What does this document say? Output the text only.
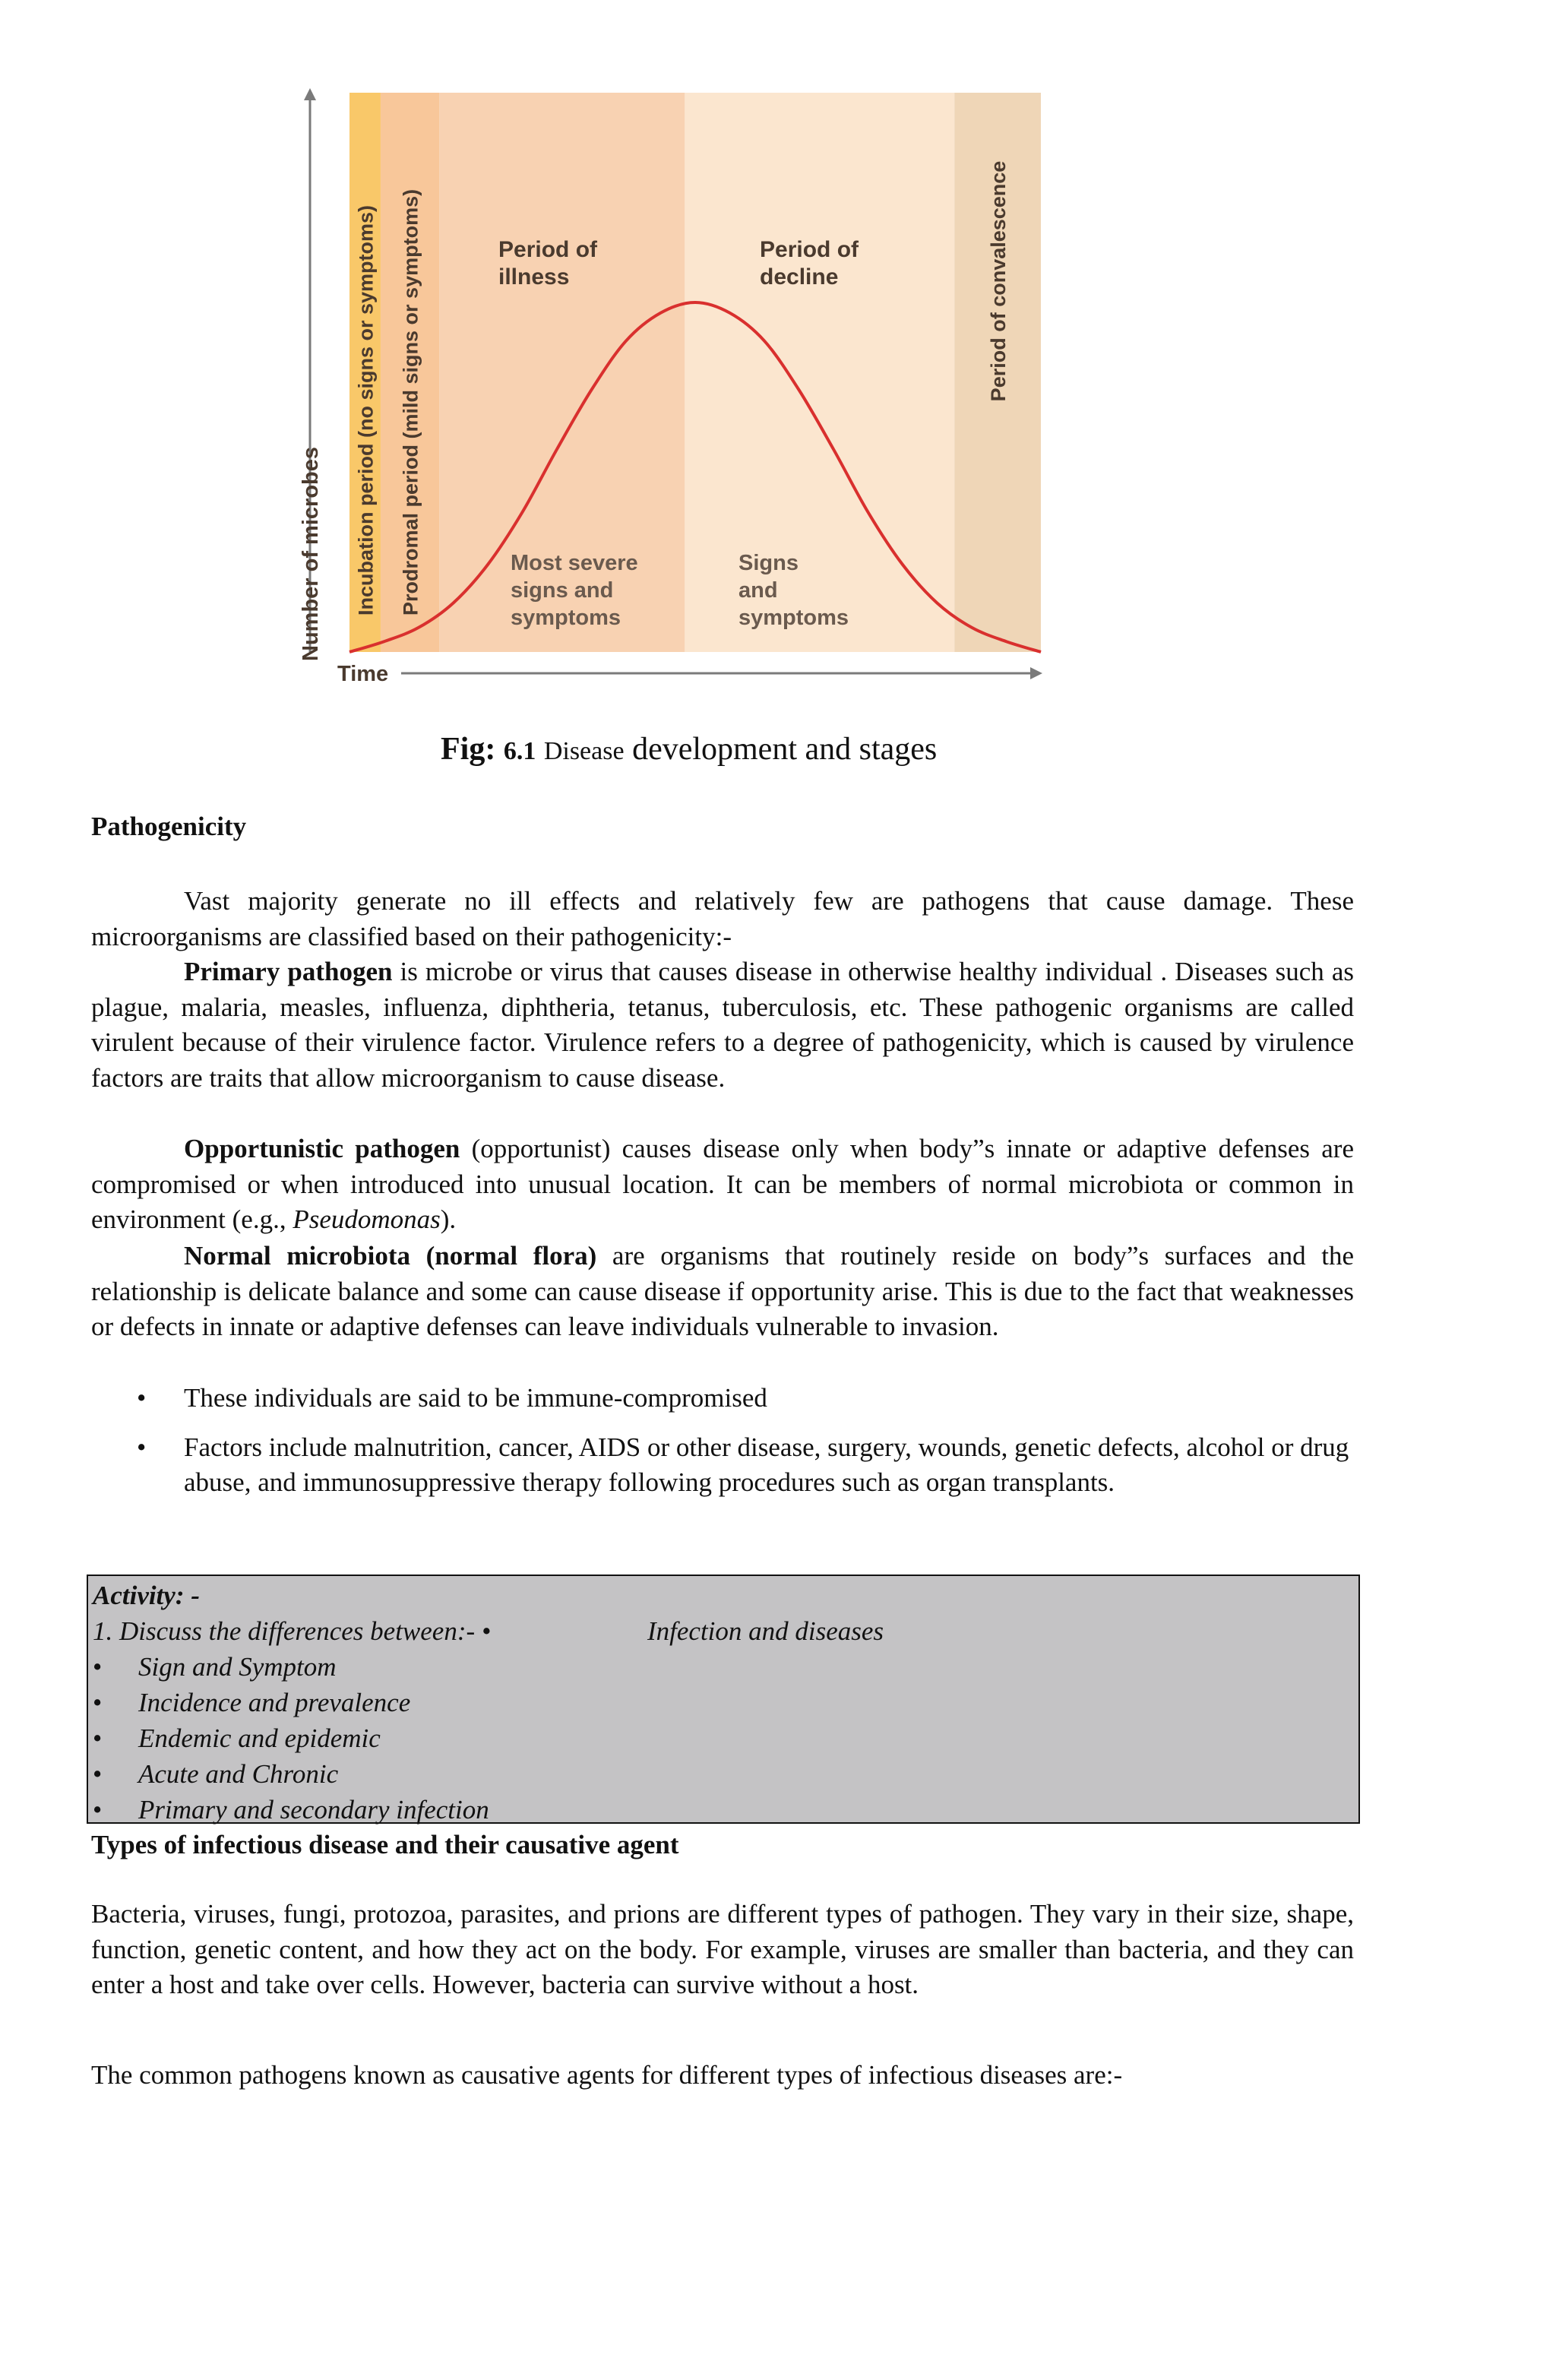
Incubation period (no signs or symptoms) Prodromal period (mild signs or symptoms)	Period of illness
Period of decline	Period of convalescence
Most severe signs and symptoms
Signs and symptoms
Number of microbes
Time
Fig: 6.1 Disease development and stages
Pathogenicity
Vast majority generate no ill effects and relatively few are pathogens that cause damage. These microorganisms are classified based on their pathogenicity:-
Primary pathogen is microbe or virus that causes disease in otherwise healthy individual . Diseases such as plague, malaria, measles, influenza, diphtheria, tetanus, tuberculosis, etc. These pathogenic organisms are called virulent because of their virulence factor. Virulence refers to a degree of pathogenicity, which is caused by virulence factors are traits that allow microorganism to cause disease.
Opportunistic pathogen (opportunist) causes disease only when body”s innate or adaptive defenses are compromised or when introduced into unusual location. It can be members of normal microbiota or common in environment (e.g., Pseudomonas).
Normal microbiota (normal flora) are organisms that routinely reside on body”s surfaces and the relationship is delicate balance and some can cause disease if opportunity arise. This is due to the fact that weaknesses or defects in innate or adaptive defenses can leave individuals vulnerable to invasion.
• These individuals are said to be immune-compromised
• Factors include malnutrition, cancer, AIDS or other disease, surgery, wounds, genetic defects, alcohol or drug abuse, and immunosuppressive therapy following procedures such as organ transplants.
Activity: -
1. Discuss the differences between:- •	Infection and diseases
• Sign and Symptom
• Incidence and prevalence
• Endemic and epidemic
• Acute and Chronic
• Primary and secondary infection
Types of infectious disease and their causative agent
Bacteria, viruses, fungi, protozoa, parasites, and prions are different types of pathogen. They vary in their size, shape, function, genetic content, and how they act on the body. For example, viruses are smaller than bacteria, and they can enter a host and take over cells. However, bacteria can survive without a host.
The common pathogens known as causative agents for different types of infectious diseases are:-
